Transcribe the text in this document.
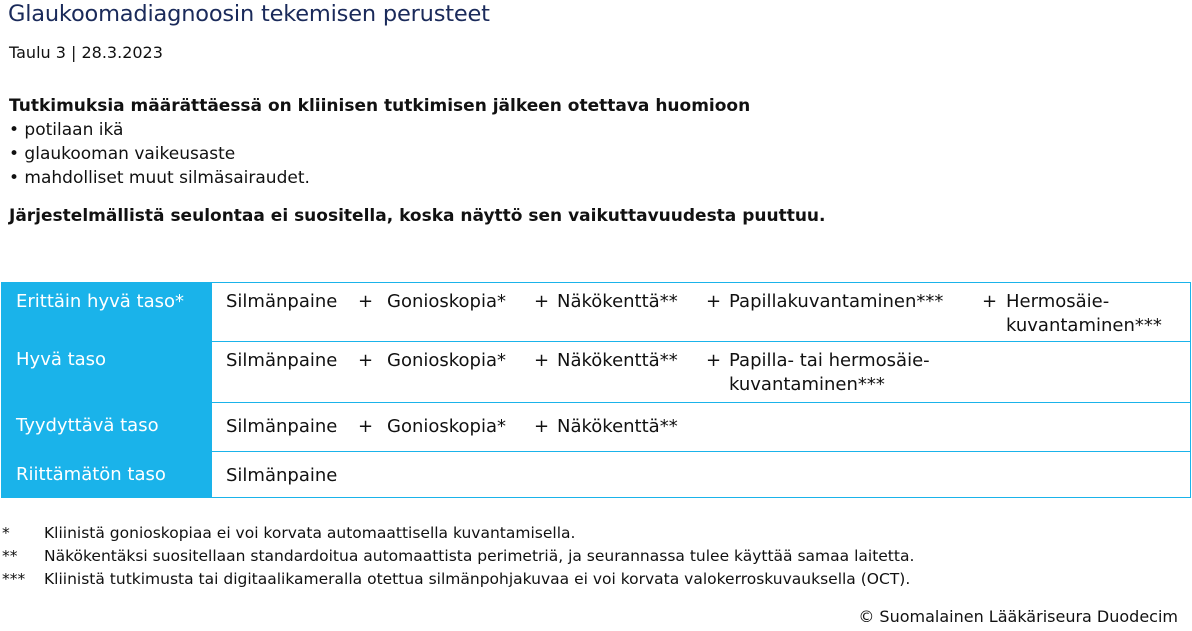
Glaukoomadiagnoosin tekemisen perusteet
Taulu 3 | 28.3.2023
Tutkimuksia määrättäessä on kliinisen tutkimisen jälkeen otettava huomioon
• potilaan ikä
• glaukooman vaikeusaste
• mahdolliset muut silmäsairaudet.
Järjestelmällistä seulontaa ei suositella, koska näyttö sen vaikuttavuudesta puuttuu.
Erittäin hyvä taso*	Silmänpaine + Gonioskopia* + Näkökenttä** + Papillakuvantaminen*** + Hermosäie-
kuvantaminen***
Hyvä taso	Silmänpaine + Gonioskopia* + Näkökenttä** + Papilla- tai hermosäie-
kuvantaminen***
Tyydyttävä taso	Silmänpaine + Gonioskopia* + Näkökenttä**
Riittämätön taso	Silmänpaine
* Kliinistä gonioskopiaa ei voi korvata automaattisella kuvantamisella.
** Näkökentäksi suositellaan standardoitua automaattista perimetriä, ja seurannassa tulee käyttää samaa laitetta.
*** Kliinistä tutkimusta tai digitaalikameralla otettua silmänpohjakuvaa ei voi korvata valokerroskuvauksella (OCT).
© Suomalainen Lääkäriseura Duodecim
